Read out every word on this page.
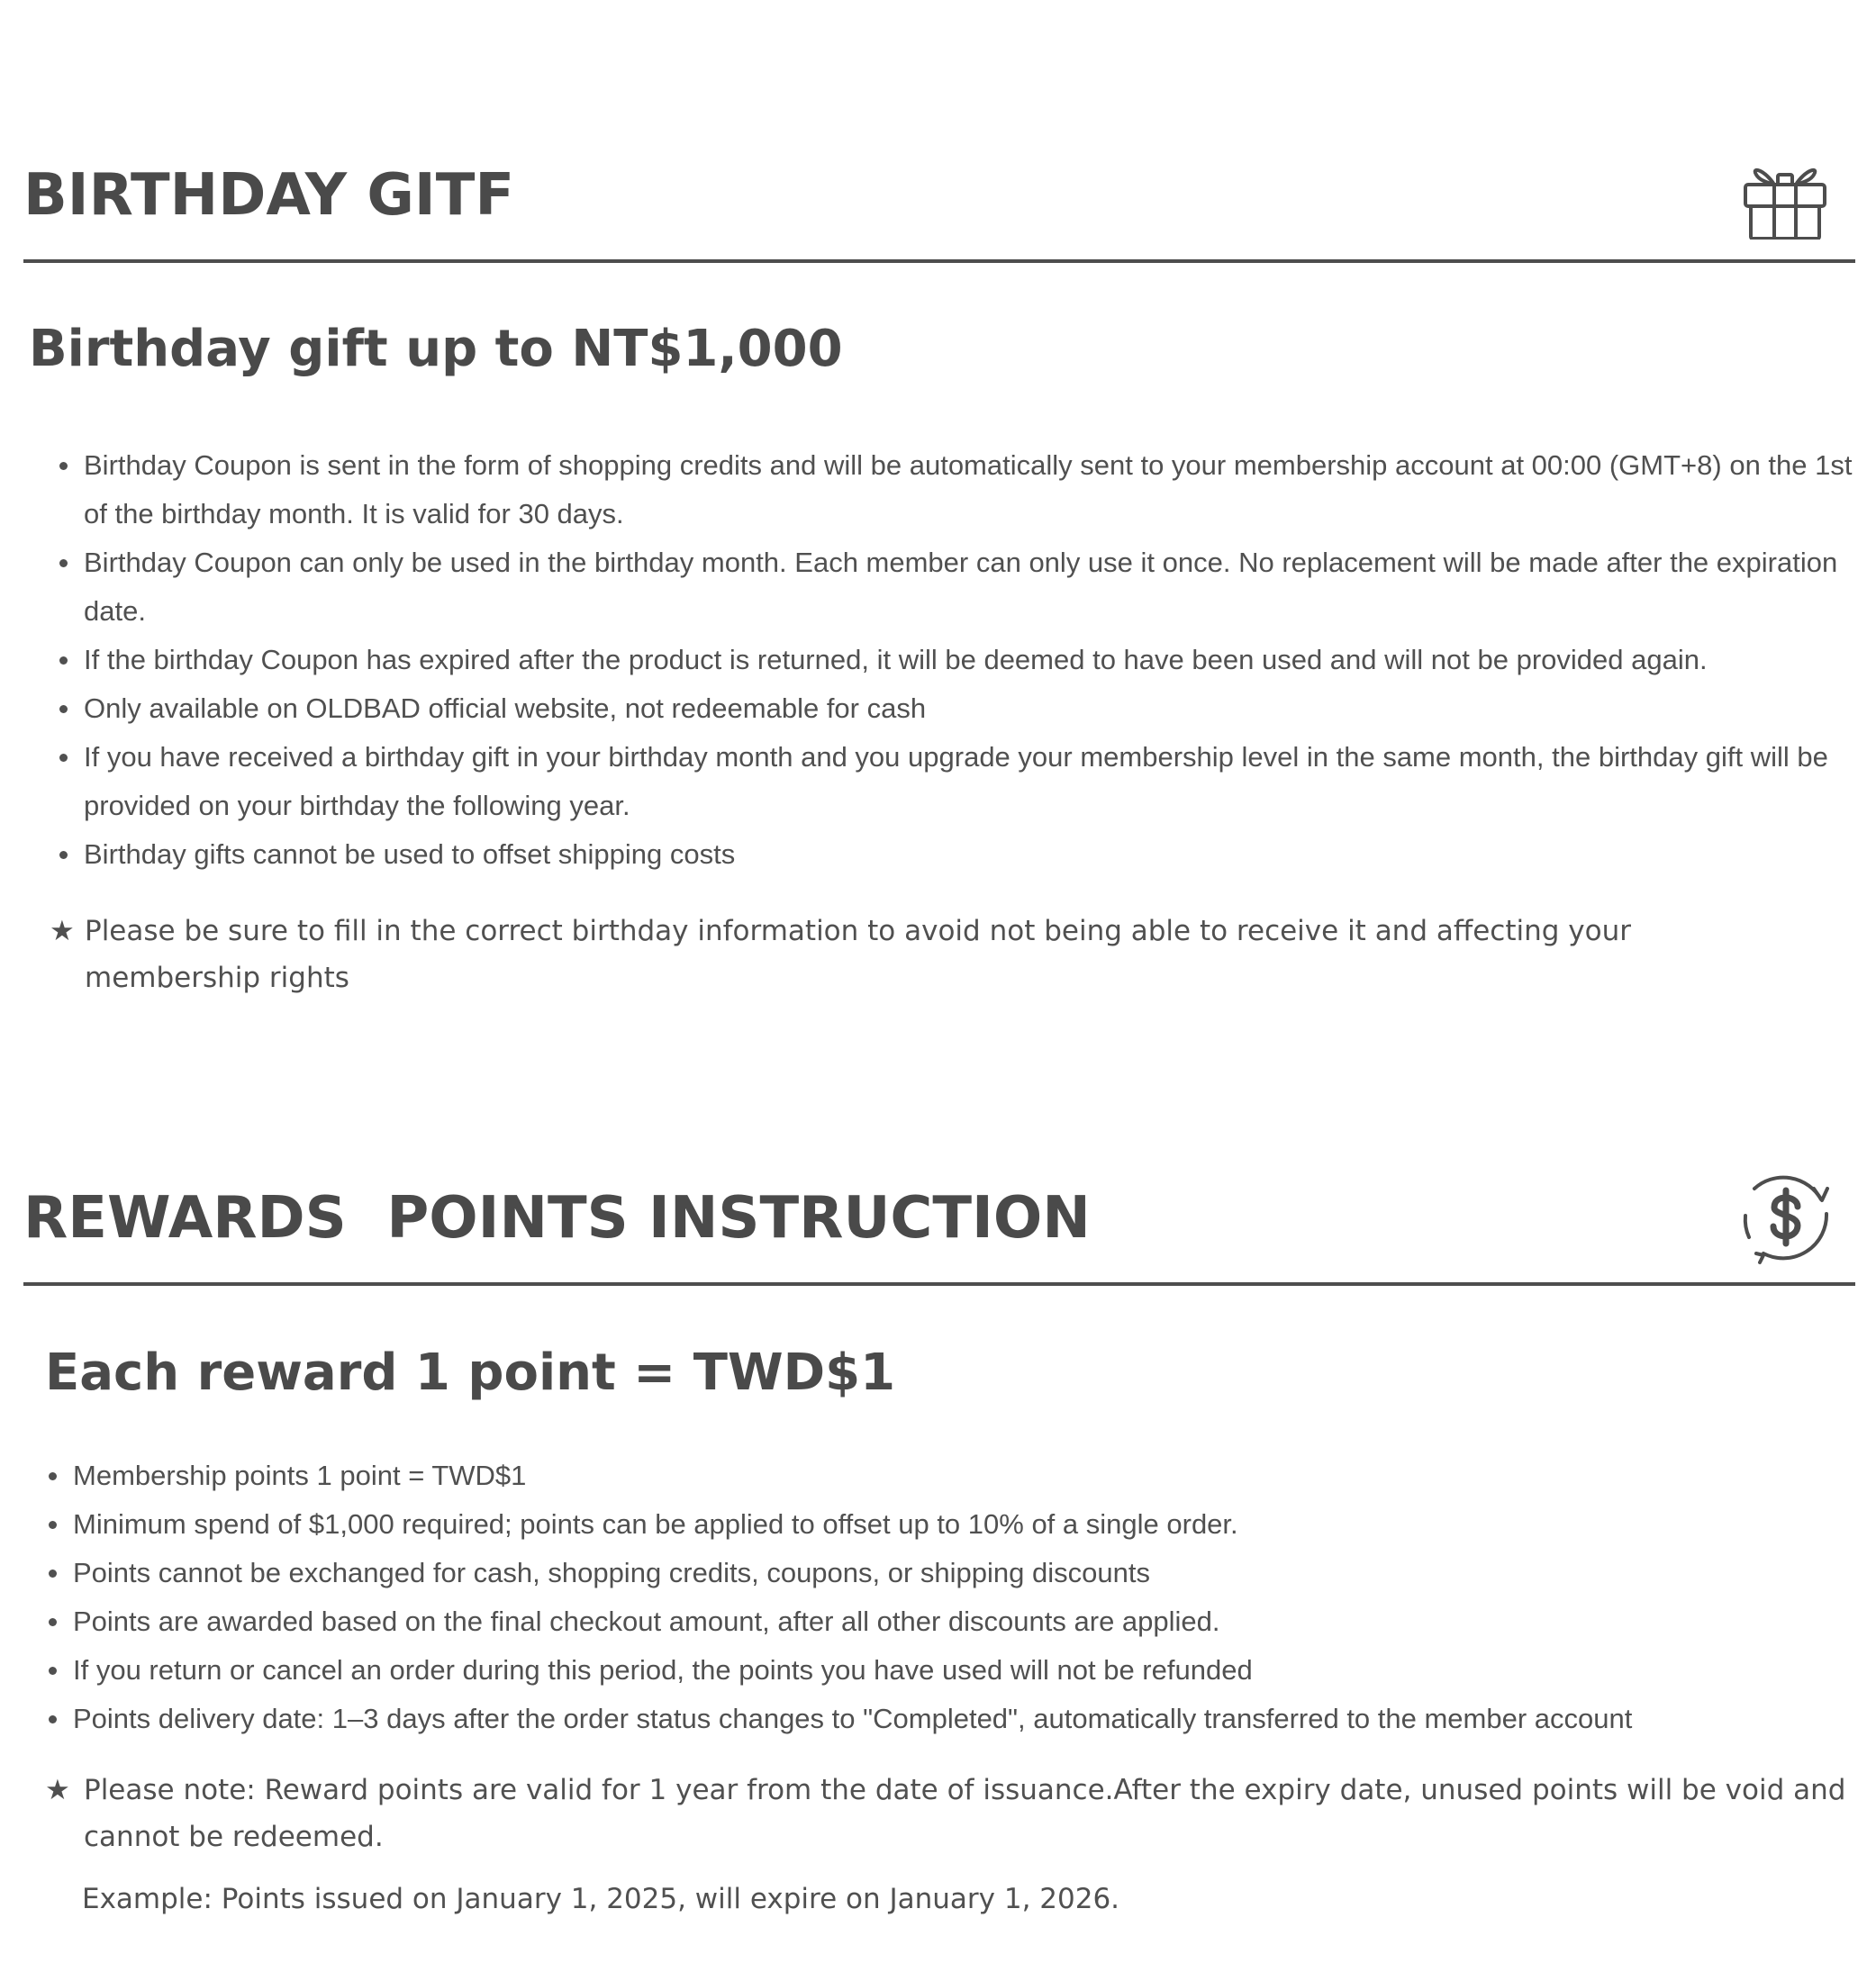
BIRTHDAY GITF
Birthday gift up to NT$1,000
Birthday Coupon is sent in the form of shopping credits and will be automatically sent to your membership account at 00:00 (GMT+8) on the 1st of the birthday month. It is valid for 30 days.
Birthday Coupon can only be used in the birthday month. Each member can only use it once. No replacement will be made after the expiration date.
If the birthday Coupon has expired after the product is returned, it will be deemed to have been used and will not be provided again.
Only available on OLDBAD official website, not redeemable for cash
If you have received a birthday gift in your birthday month and you upgrade your membership level in the same month, the birthday gift will be provided on your birthday the following year.
Birthday gifts cannot be used to offset shipping costs
★ Please be sure to fill in the correct birthday information to avoid not being able to receive it and affecting your membership rights
REWARDS  POINTS INSTRUCTION
Each reward 1 point = TWD$1
Membership points 1 point = TWD$1
Minimum spend of $1,000 required; points can be applied to offset up to 10% of a single order.
Points cannot be exchanged for cash, shopping credits, coupons, or shipping discounts
Points are awarded based on the final checkout amount, after all other discounts are applied.
If you return or cancel an order during this period, the points you have used will not be refunded
Points delivery date: 1–3 days after the order status changes to "Completed", automatically transferred to the member account
★ Please note: Reward points are valid for 1 year from the date of issuance.After the expiry date, unused points will be void and cannot be redeemed.
Example: Points issued on January 1, 2025, will expire on January 1, 2026.
